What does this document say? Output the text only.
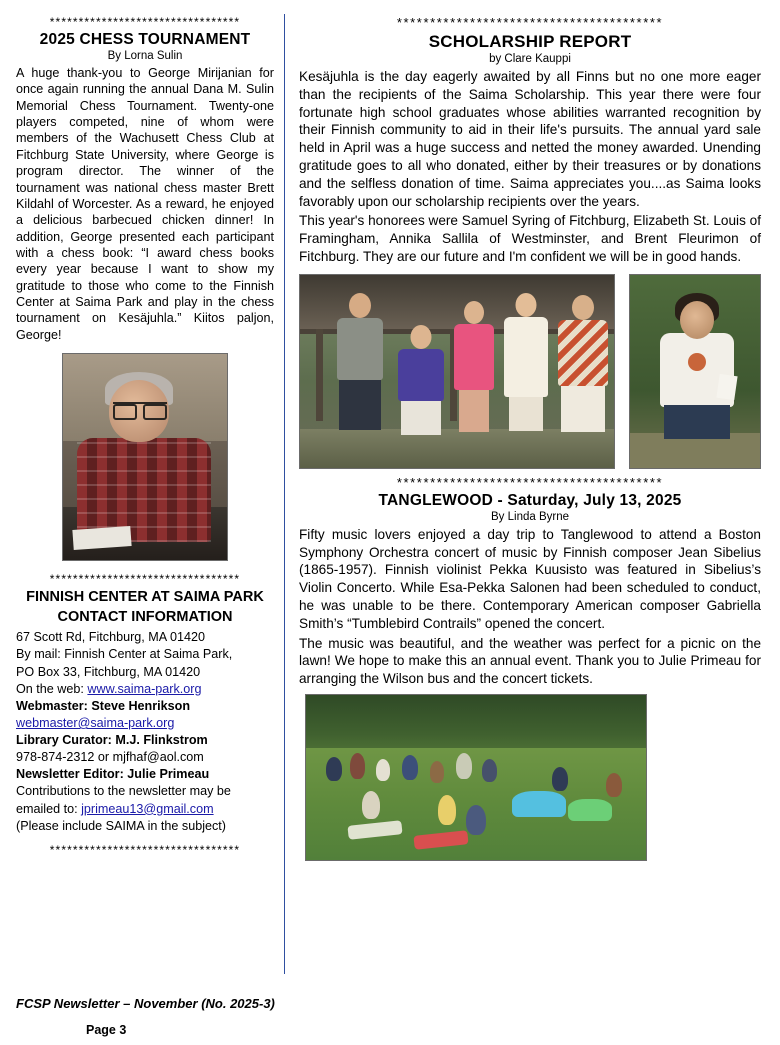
*********************************
2025 CHESS TOURNAMENT
By Lorna Sulin

A huge thank-you to George Mirijanian for once again running the annual Dana M. Sulin Memorial Chess Tournament. Twenty-one players competed, nine of whom were members of the Wachusett Chess Club at Fitchburg State University, where George is program director. The winner of the tournament was national chess master Brett Kildahl of Worcester. As a reward, he enjoyed a delicious barbecued chicken dinner! In addition, George presented each participant with a chess book: “I award chess books every year because I want to show my gratitude to those who come to the Finnish Center at Saima Park and play in the chess tournament on Kesäjuhla.” Kiitos paljon, George!

*********************************
FINNISH CENTER AT SAIMA PARK
CONTACT INFORMATION

67 Scott Rd, Fitchburg, MA 01420

By mail: Finnish Center at Saima Park,

PO Box 33, Fitchburg, MA 01420

On the web: www.saima-park.org

Webmaster: Steve Henrikson

webmaster@saima-park.org

Library Curator: M.J. Flinkstrom

978-874-2312 or mjfhaf@aol.com

Newsletter Editor: Julie Primeau

Contributions to the newsletter may be

emailed to: jprimeau13@gmail.com

(Please include SAIMA in the subject)

*********************************
****************************************
SCHOLARSHIP REPORT
by Clare Kauppi

Kesäjuhla is the day eagerly awaited by all Finns but no one more eager than the recipients of the Saima Scholarship. This year there were four fortunate high school graduates whose abilities warranted recognition by their Finnish community to aid in their life's pursuits. The annual yard sale held in April was a huge success and netted the money awarded. Unending gratitude goes to all who donated, either by their treasures or by donations and the selfless donation of time. Saima appreciates you....as Saima looks favorably upon our scholarship recipients over the years.

This year's honorees were Samuel Syring of Fitchburg, Elizabeth St. Louis of Framingham, Annika Sallila of Westminster, and Brent Fleurimon of Fitchburg. They are our future and I'm confident we will be in good hands.

****************************************
TANGLEWOOD - Saturday, July 13, 2025
By Linda Byrne

Fifty music lovers enjoyed a day trip to Tanglewood to attend a Boston Symphony Orchestra concert of music by Finnish composer Jean Sibelius (1865-1957). Finnish violinist Pekka Kuusisto was featured in Sibelius’s Violin Concerto. While Esa-Pekka Salonen had been scheduled to conduct, he was unable to be there. Contemporary American composer Gabriella Smith’s “Tumblebird Contrails” opened the concert.

The music was beautiful, and the weather was perfect for a picnic on the lawn! We hope to make this an annual event. Thank you to Julie Primeau for arranging the Wilson bus and the concert tickets.

FCSP Newsletter – November (No. 2025-3)
Page 3
